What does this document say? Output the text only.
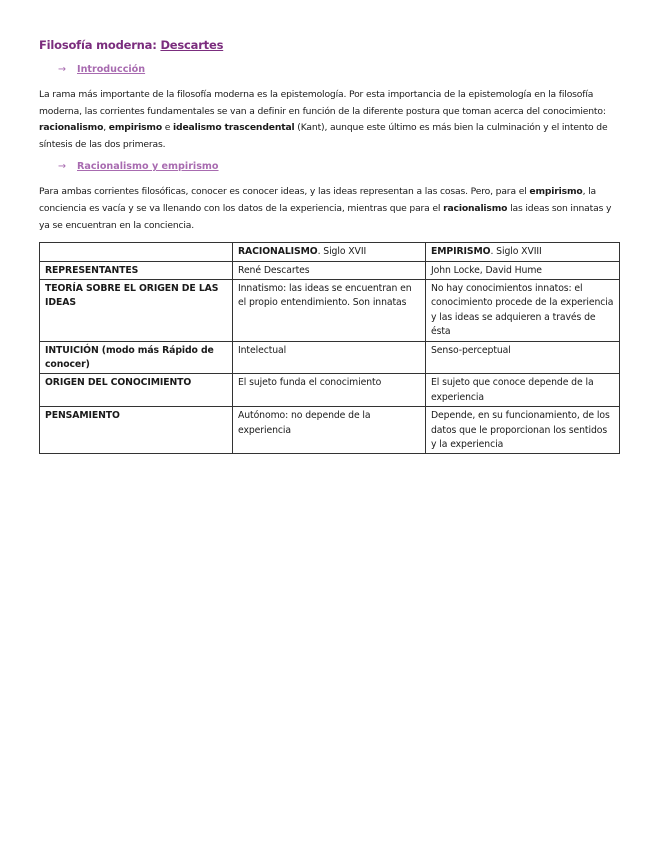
Filosofía moderna: Descartes
→ Introducción

La rama más importante de la filosofía moderna es la epistemología. Por esta importancia de la epistemología en la filosofía moderna, las corrientes fundamentales se van a definir en función de la diferente postura que toman acerca del conocimiento: racionalismo, empirismo e idealismo trascendental (Kant), aunque este último es más bien la culminación y el intento de síntesis de las dos primeras.

→ Racionalismo y empirismo

Para ambas corrientes filosóficas, conocer es conocer ideas, y las ideas representan a las cosas. Pero, para el empirismo, la conciencia es vacía y se va llenando con los datos de la experiencia, mientras que para el racionalismo las ideas son innatas y ya se encuentran en la conciencia.

	RACIONALISMO. Siglo XVII	EMPIRISMO. Siglo XVIII
REPRESENTANTES	René Descartes	John Locke, David Hume
TEORÍA SOBRE EL ORIGEN DE LAS IDEAS	Innatismo: las ideas se encuentran en el propio entendimiento. Son innatas	No hay conocimientos innatos: el conocimiento procede de la experiencia y las ideas se adquieren a través de ésta
INTUICIÓN (modo más Rápido de conocer)	Intelectual	Senso-perceptual
ORIGEN DEL CONOCIMIENTO	El sujeto funda el conocimiento	El sujeto que conoce depende de la experiencia
PENSAMIENTO	Autónomo: no depende de la experiencia	Depende, en su funcionamiento, de los datos que le proporcionan los sentidos y la experiencia
